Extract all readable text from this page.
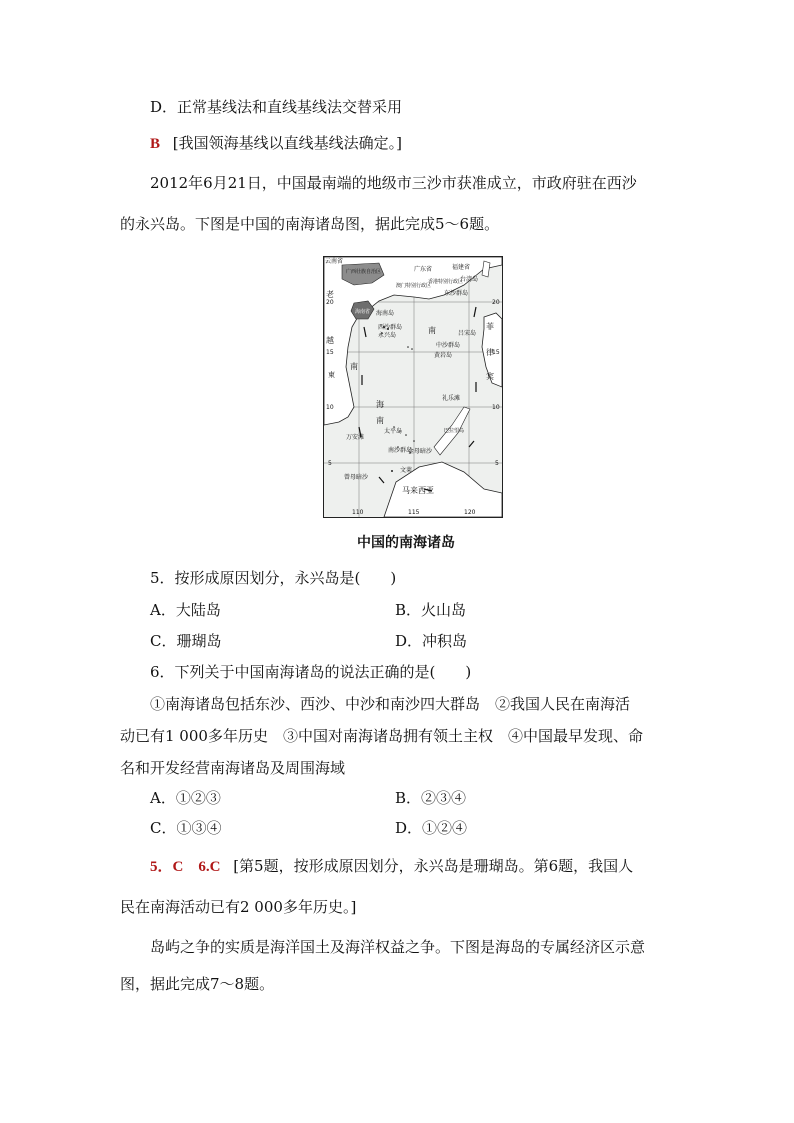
D．正常基线法和直线基线法交替采用
B [我国领海基线以直线基线法确定。]
2012年6月21日，中国最南端的地级市三沙市获准成立，市政府驻在西沙
的永兴岛。下图是中国的南海诸岛图，据此完成5～6题。
云南省
广西壮族自治区	广东省	福建省
台湾岛
香港特别行政区
澳门特别行政区
东沙群岛
海南省 海南岛
西沙群岛
永兴岛
南
中沙群岛
黄岩岛
吕宋岛
菲
律
宾
越
老
南
柬
太平岛
南沙群岛
海
南
礼乐滩
万安滩
金母暗沙
曾母暗沙
文莱
马来西亚
巴拉望岛
20
15
10
5
20
15
10
5
110	115	120
中国的南海诸岛
5．按形成原因划分，永兴岛是(　　)
A．大陆岛	B．火山岛
C．珊瑚岛	D．冲积岛
6．下列关于中国南海诸岛的说法正确的是(　　)
①南海诸岛包括东沙、西沙、中沙和南沙四大群岛　②我国人民在南海活
动已有1 000多年历史　③中国对南海诸岛拥有领土主权　④中国最早发现、命
名和开发经营南海诸岛及周围海域
A．①②③	B．②③④
C．①③④	D．①②④
5．C　6.C [第5题，按形成原因划分，永兴岛是珊瑚岛。第6题，我国人
民在南海活动已有2 000多年历史。]
岛屿之争的实质是海洋国土及海洋权益之争。下图是海岛的专属经济区示意
图，据此完成7～8题。
